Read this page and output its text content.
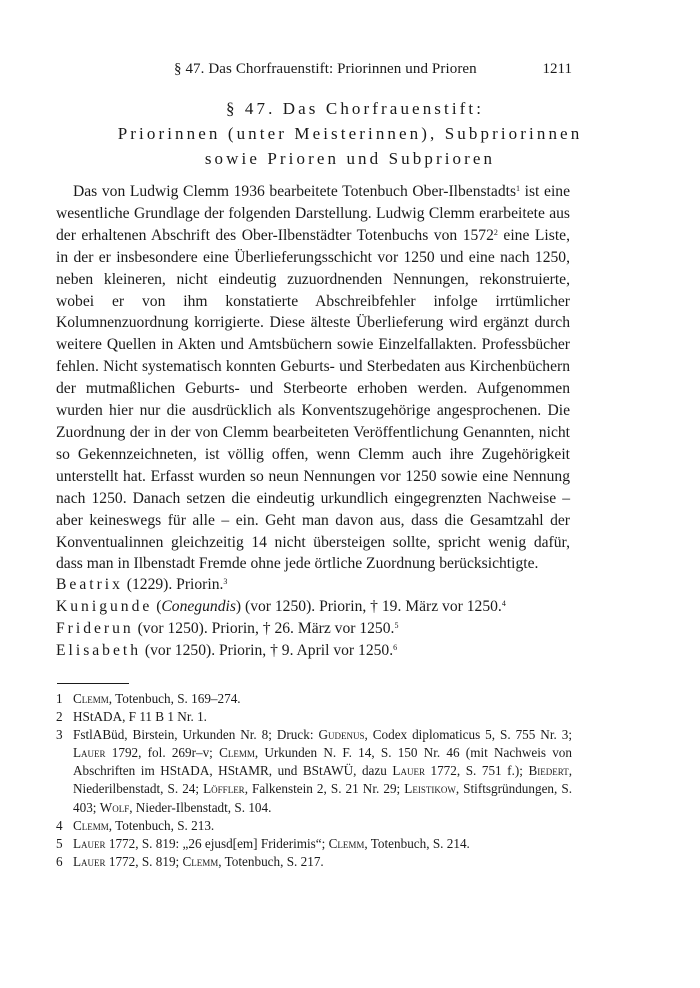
§ 47. Das Chorfrauenstift: Priorinnen und Prioren	1211
§ 47. Das Chorfrauenstift:
Priorinnen (unter Meisterinnen), Subpriorinnen
sowie Prioren und Subprioren

Das von Ludwig Clemm 1936 bearbeitete Totenbuch Ober-Ilbenstadts$^1$ ist eine wesentliche Grundlage der folgenden Darstellung. Ludwig Clemm erarbeitete aus der erhaltenen Abschrift des Ober-Ilbenstädter Totenbuchs von 1572$^2$ eine Liste, in der er insbesondere eine Überlieferungsschicht vor 1250 und eine nach 1250, neben kleineren, nicht eindeutig zuzuordnenden Nennungen, rekonstruierte, wobei er von ihm konstatierte Abschreibfehler infolge irrtümlicher Kolumnenzuordnung korrigierte. Diese älteste Überlieferung wird ergänzt durch weitere Quellen in Akten und Amtsbüchern sowie Einzelfallakten. Professbücher fehlen. Nicht systematisch konnten Geburts- und Sterbedaten aus Kirchenbüchern der mutmaßlichen Geburts- und Sterbeorte erhoben werden. Aufgenommen wurden hier nur die ausdrücklich als Konventszugehörige angesprochenen. Die Zuordnung der in der von Clemm bearbeiteten Veröffentlichung Genannten, nicht so Gekennzeichneten, ist völlig offen, wenn Clemm auch ihre Zugehörigkeit unterstellt hat. Erfasst wurden so neun Nennungen vor 1250 sowie eine Nennung nach 1250. Danach setzen die eindeutig urkundlich eingegrenzten Nachweise – aber keineswegs für alle – ein. Geht man davon aus, dass die Gesamtzahl der Konventualinnen gleichzeitig 14 nicht übersteigen sollte, spricht wenig dafür, dass man in Ilbenstadt Fremde ohne jede örtliche Zuordnung berücksichtigte.

Beatrix (1229). Priorin.$^3$
Kunigunde (Conegundis) (vor 1250). Priorin, † 19. März vor 1250.$^4$
Friderun (vor 1250). Priorin, † 26. März vor 1250.$^5$
Elisabeth (vor 1250). Priorin, † 9. April vor 1250.$^6$
1 Clemm, Totenbuch, S. 169–274.
2 HStADA, F 11 B 1 Nr. 1.
3 FstlABüd, Birstein, Urkunden Nr. 8; Druck: Gudenus, Codex diplomaticus 5, S. 755 Nr. 3; Lauer 1792, fol. 269r–v; Clemm, Urkunden N. F. 14, S. 150 Nr. 46 (mit Nachweis von Abschriften im HStADA, HStAMR, und BStAWÜ, dazu Lauer 1772, S. 751 f.); Biedert, Niederilbenstadt, S. 24; Löffler, Falkenstein 2, S. 21 Nr. 29; Leistikow, Stiftsgründungen, S. 403; Wolf, Nieder-Ilbenstadt, S. 104.
4 Clemm, Totenbuch, S. 213.
5 Lauer 1772, S. 819: „26 ejusd[em] Friderimis“; Clemm, Totenbuch, S. 214.
6 Lauer 1772, S. 819; Clemm, Totenbuch, S. 217.
